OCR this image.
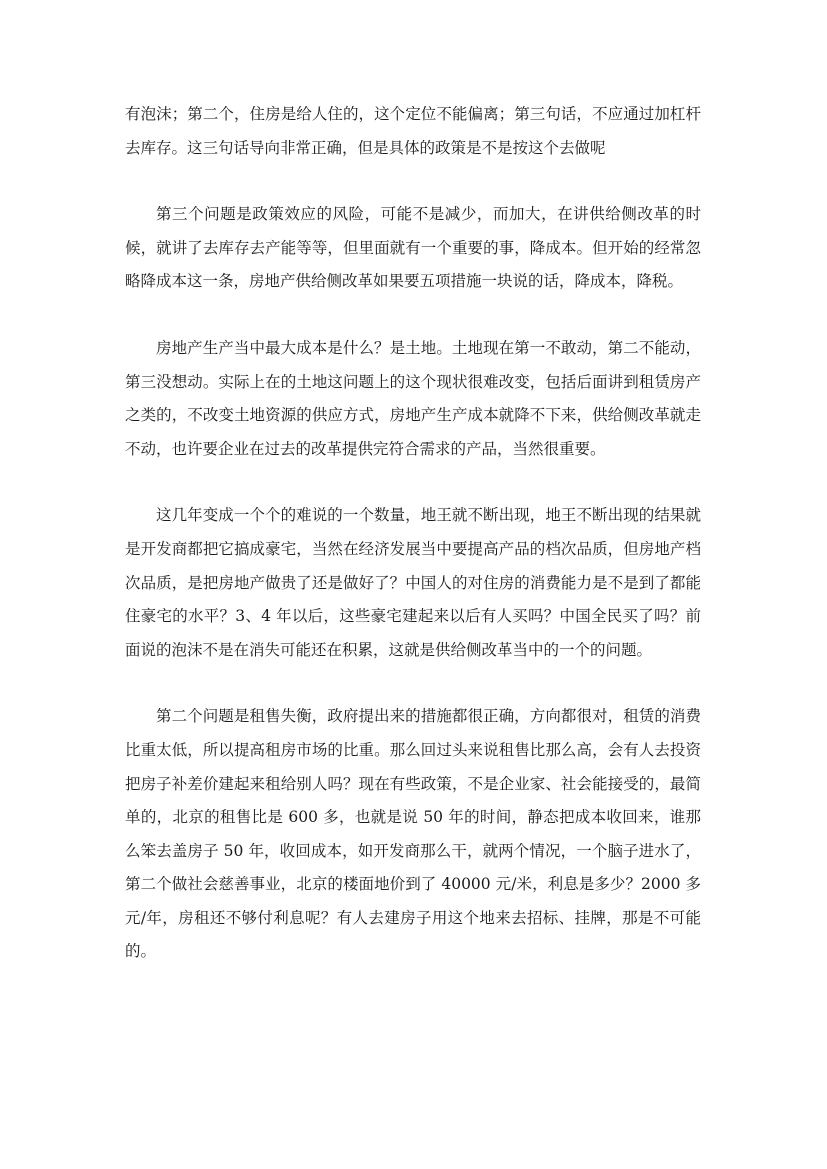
有泡沫；第二个，住房是给人住的，这个定位不能偏离；第三句话，不应通过加杠杆去库存。这三句话导向非常正确，但是具体的政策是不是按这个去做呢

第三个问题是政策效应的风险，可能不是减少，而加大，在讲供给侧改革的时候，就讲了去库存去产能等等，但里面就有一个重要的事，降成本。但开始的经常忽略降成本这一条，房地产供给侧改革如果要五项措施一块说的话，降成本，降税。

房地产生产当中最大成本是什么？是土地。土地现在第一不敢动，第二不能动，第三没想动。实际上在的土地这问题上的这个现状很难改变，包括后面讲到租赁房产之类的，不改变土地资源的供应方式，房地产生产成本就降不下来，供给侧改革就走不动，也许要企业在过去的改革提供完符合需求的产品，当然很重要。

这几年变成一个个的难说的一个数量，地王就不断出现，地王不断出现的结果就是开发商都把它搞成豪宅，当然在经济发展当中要提高产品的档次品质，但房地产档次品质，是把房地产做贵了还是做好了？中国人的对住房的消费能力是不是到了都能住豪宅的水平？3、4 年以后，这些豪宅建起来以后有人买吗？中国全民买了吗？前面说的泡沫不是在消失可能还在积累，这就是供给侧改革当中的一个的问题。

第二个问题是租售失衡，政府提出来的措施都很正确，方向都很对，租赁的消费比重太低，所以提高租房市场的比重。那么回过头来说租售比那么高，会有人去投资把房子补差价建起来租给别人吗？现在有些政策，不是企业家、社会能接受的，最简单的，北京的租售比是 600 多，也就是说 50 年的时间，静态把成本收回来，谁那么笨去盖房子 50 年，收回成本，如开发商那么干，就两个情况，一个脑子进水了，第二个做社会慈善事业，北京的楼面地价到了 40000 元/米，利息是多少？2000 多元/年，房租还不够付利息呢？有人去建房子用这个地来去招标、挂牌，那是不可能的。
